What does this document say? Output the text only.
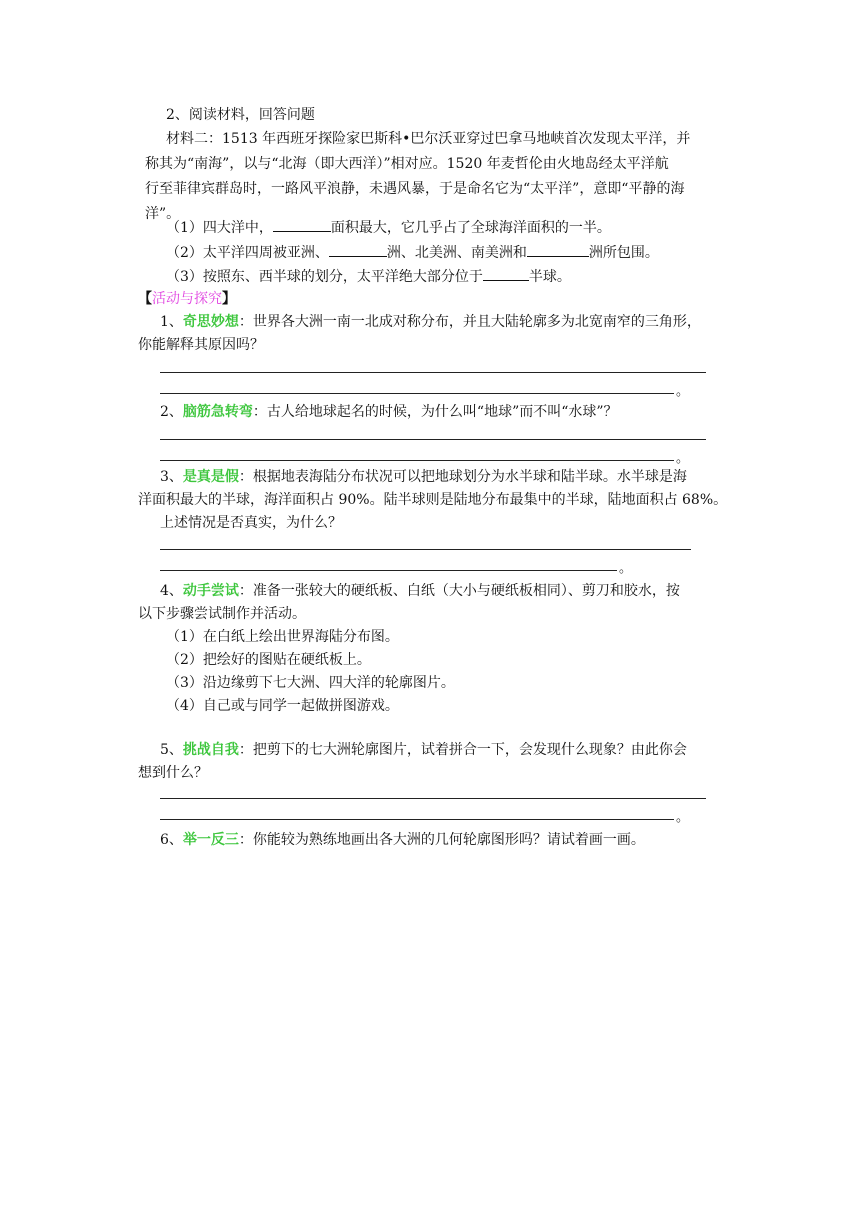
2、阅读材料，回答问题
材料二：1513 年西班牙探险家巴斯科•巴尔沃亚穿过巴拿马地峡首次发现太平洋，并
称其为“南海”，以与“北海（即大西洋）”相对应。1520 年麦哲伦由火地岛经太平洋航
行至菲律宾群岛时，一路风平浪静，未遇风暴，于是命名它为“太平洋”，意即“平静的海
洋”。
（1）四大洋中，	面积最大，它几乎占了全球海洋面积的一半。
（2）太平洋四周被亚洲、	洲、北美洲、南美洲和	洲所包围。
（3）按照东、西半球的划分，太平洋绝大部分位于	半球。
【活动与探究】
1、奇思妙想：世界各大洲一南一北成对称分布，并且大陆轮廓多为北宽南窄的三角形，
你能解释其原因吗？
。
2、脑筋急转弯：古人给地球起名的时候，为什么叫“地球”而不叫“水球”？
。
3、是真是假：根据地表海陆分布状况可以把地球划分为水半球和陆半球。水半球是海
洋面积最大的半球，海洋面积占 90%。陆半球则是陆地分布最集中的半球，陆地面积占 68%。
上述情况是否真实，为什么？
。
4、动手尝试：准备一张较大的硬纸板、白纸（大小与硬纸板相同）、剪刀和胶水，按
以下步骤尝试制作并活动。
（1）在白纸上绘出世界海陆分布图。
（2）把绘好的图贴在硬纸板上。
（3）沿边缘剪下七大洲、四大洋的轮廓图片。
（4）自己或与同学一起做拼图游戏。
5、挑战自我：把剪下的七大洲轮廓图片，试着拼合一下，会发现什么现象？由此你会
想到什么？
。
6、举一反三：你能较为熟练地画出各大洲的几何轮廓图形吗？请试着画一画。
